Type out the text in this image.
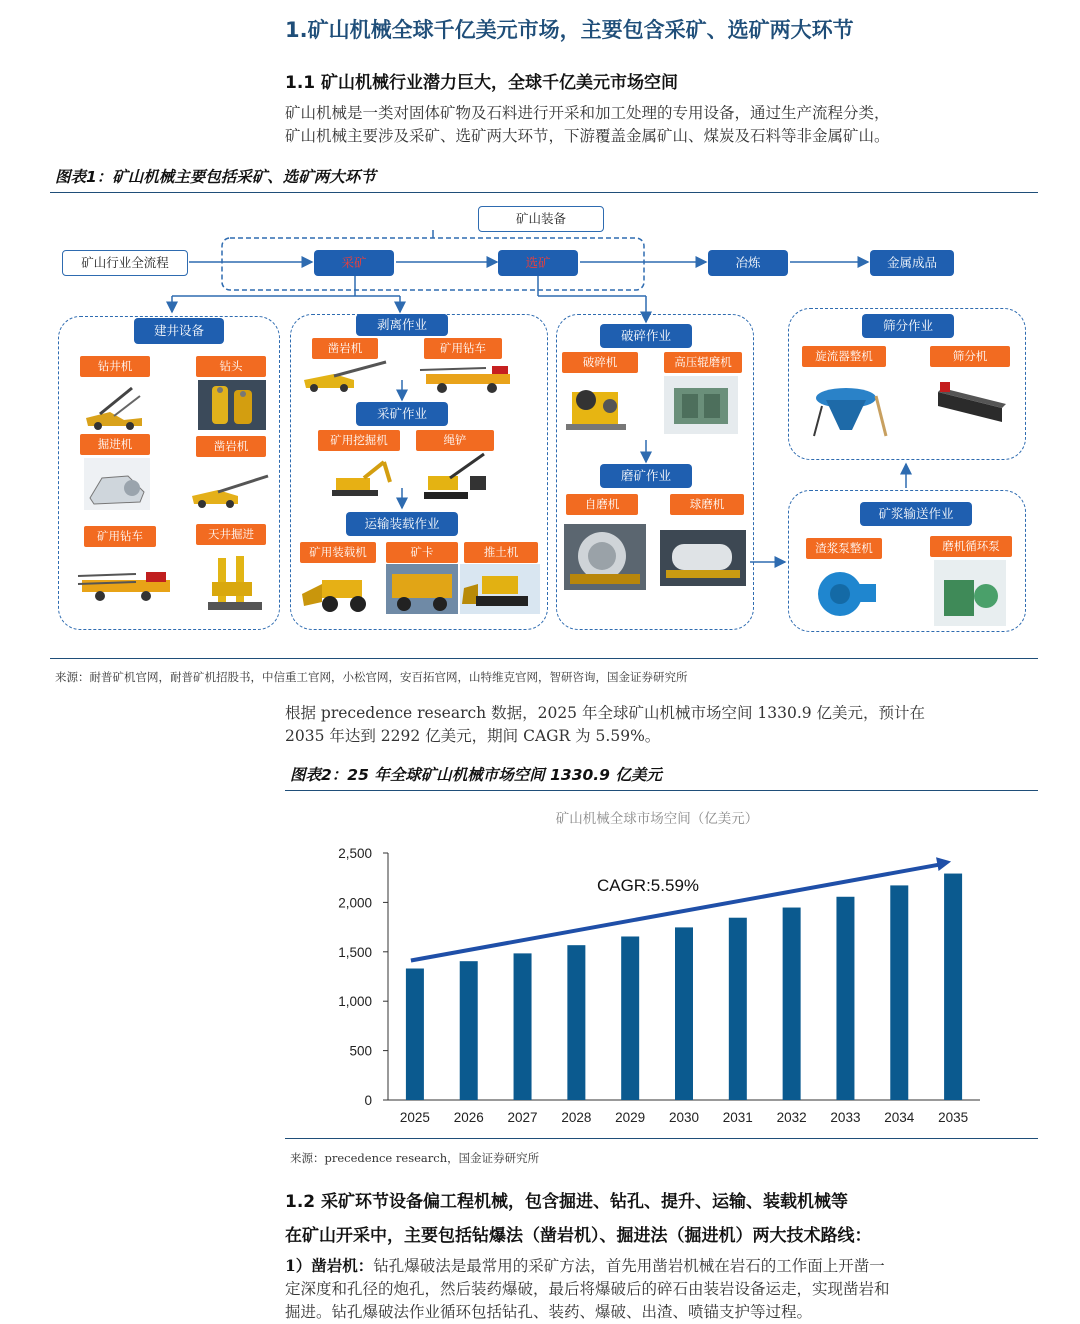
1.矿山机械全球千亿美元市场，主要包含采矿、选矿两大环节
1.1 矿山机械行业潜力巨大，全球千亿美元市场空间
矿山机械是一类对固体矿物及石料进行开采和加工处理的专用设备，通过生产流程分类，
矿山机械主要涉及采矿、选矿两大环节，下游覆盖金属矿山、煤炭及石料等非金属矿山。
图表1：矿山机械主要包括采矿、选矿两大环节
矿山装备
矿山行业全流程	采矿	选矿	冶炼	金属成品
建井设备
钻井机	钻头
掘进机	凿岩机
矿用钻车	天井掘进
剥离作业
凿岩机	矿用钻车
采矿作业
矿用挖掘机	绳铲
运输装载作业
矿用装载机	矿卡	推土机
破碎作业
破碎机	高压辊磨机
磨矿作业
自磨机	球磨机
筛分作业
旋流器整机	筛分机
矿浆输送作业
渣浆泵整机	磨机循环泵
来源：耐普矿机官网，耐普矿机招股书，中信重工官网，小松官网，安百拓官网，山特维克官网，智研咨询，国金证券研究所
根据 precedence research 数据，2025 年全球矿山机械市场空间 1330.9 亿美元，预计在
2035 年达到 2292 亿美元，期间 CAGR 为 5.59%。
图表2：25 年全球矿山机械市场空间 1330.9 亿美元
矿山机械全球市场空间（亿美元）
0
500
1,000
1,500
2,000
2,500
2025 2026 2027 2028 2029 2030 2031 2032 2033 2034 2035
CAGR:5.59%
来源：precedence research，国金证券研究所
1.2 采矿环节设备偏工程机械，包含掘进、钻孔、提升、运输、装载机械等
在矿山开采中，主要包括钻爆法（凿岩机）、掘进法（掘进机）两大技术路线：
1）凿岩机：钻孔爆破法是最常用的采矿方法，首先用凿岩机械在岩石的工作面上开凿一
定深度和孔径的炮孔，然后装药爆破，最后将爆破后的碎石由装岩设备运走，实现凿岩和
掘进。钻孔爆破法作业循环包括钻孔、装药、爆破、出渣、喷锚支护等过程。
